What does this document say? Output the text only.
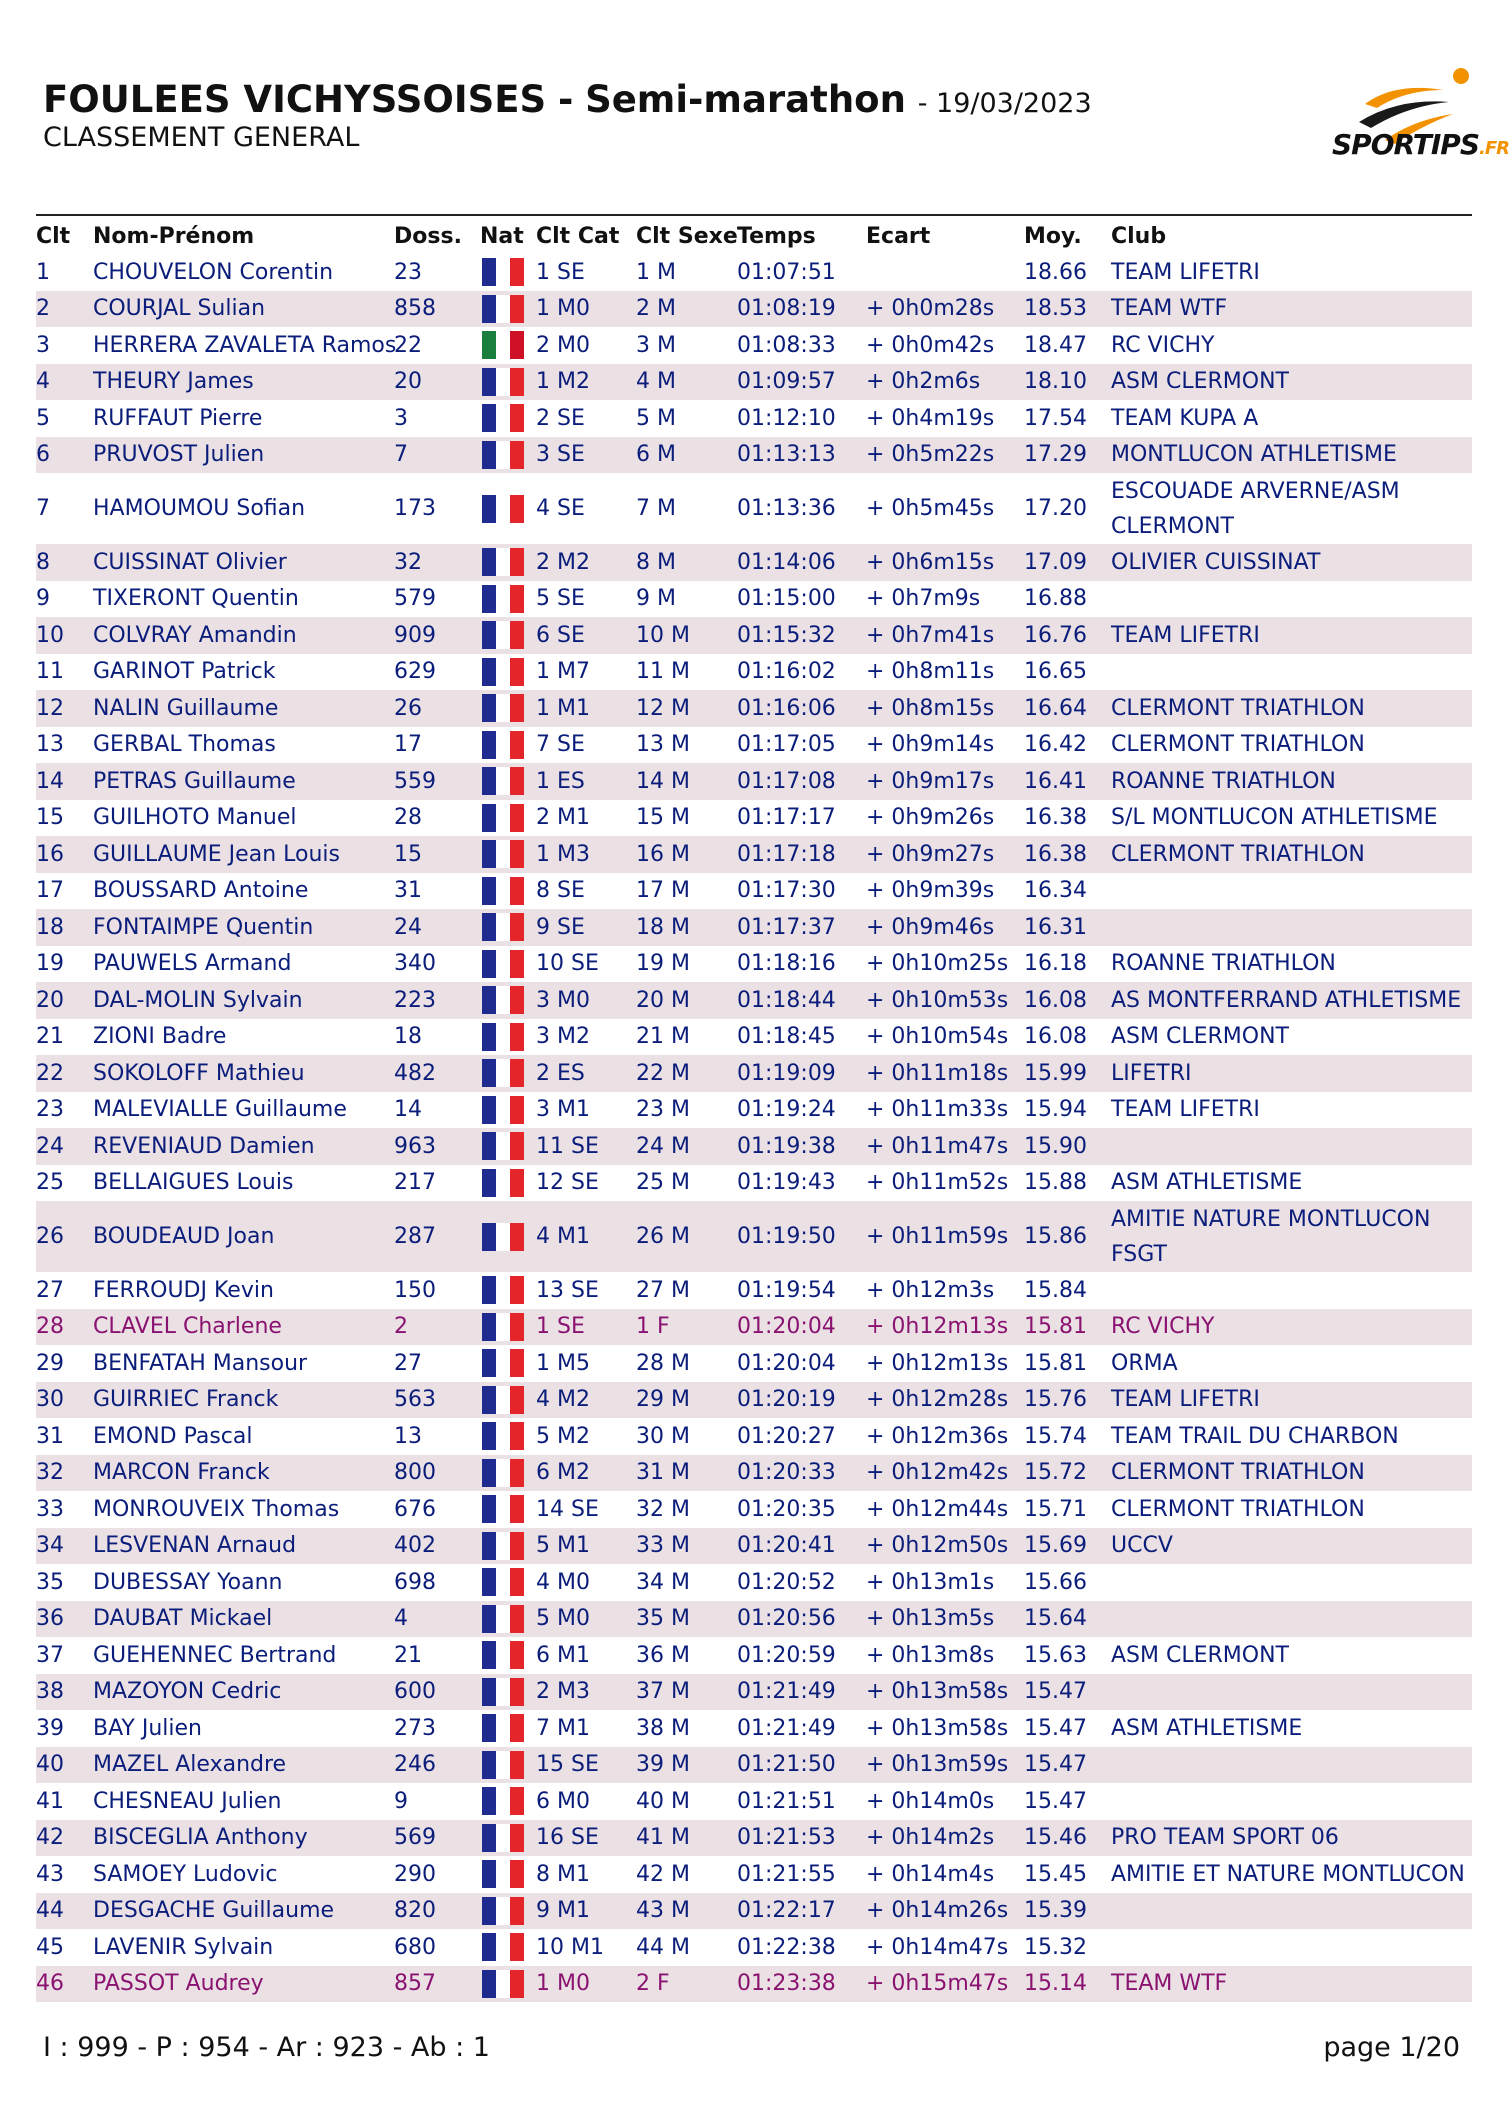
FOULEES VICHYSSOISES - Semi-marathon - 19/03/2023
CLASSEMENT GENERAL	SPORTIPS.FR
Clt	Nom-Prénom	Doss.	Nat	Clt Cat	Clt Sexe	Temps	Ecart	Moy.	Club
1	CHOUVELON Corentin	23		1 SE	1 M	01:07:51		18.66	TEAM LIFETRI
2	COURJAL Sulian	858		1 M0	2 M	01:08:19	+ 0h0m28s	18.53	TEAM WTF
3	HERRERA ZAVALETA Ramos	22		2 M0	3 M	01:08:33	+ 0h0m42s	18.47	RC VICHY
4	THEURY James	20		1 M2	4 M	01:09:57	+ 0h2m6s	18.10	ASM CLERMONT
5	RUFFAUT Pierre	3		2 SE	5 M	01:12:10	+ 0h4m19s	17.54	TEAM KUPA A
6	PRUVOST Julien	7		3 SE	6 M	01:13:13	+ 0h5m22s	17.29	MONTLUCON ATHLETISME
7	HAMOUMOU Sofian	173		4 SE	7 M	01:13:36	+ 0h5m45s	17.20	ESCOUADE ARVERNE/ASM CLERMONT
8	CUISSINAT Olivier	32		2 M2	8 M	01:14:06	+ 0h6m15s	17.09	OLIVIER CUISSINAT
9	TIXERONT Quentin	579		5 SE	9 M	01:15:00	+ 0h7m9s	16.88	
10	COLVRAY Amandin	909		6 SE	10 M	01:15:32	+ 0h7m41s	16.76	TEAM LIFETRI
11	GARINOT Patrick	629		1 M7	11 M	01:16:02	+ 0h8m11s	16.65	
12	NALIN Guillaume	26		1 M1	12 M	01:16:06	+ 0h8m15s	16.64	CLERMONT TRIATHLON
13	GERBAL Thomas	17		7 SE	13 M	01:17:05	+ 0h9m14s	16.42	CLERMONT TRIATHLON
14	PETRAS Guillaume	559		1 ES	14 M	01:17:08	+ 0h9m17s	16.41	ROANNE TRIATHLON
15	GUILHOTO Manuel	28		2 M1	15 M	01:17:17	+ 0h9m26s	16.38	S/L MONTLUCON ATHLETISME
16	GUILLAUME Jean Louis	15		1 M3	16 M	01:17:18	+ 0h9m27s	16.38	CLERMONT TRIATHLON
17	BOUSSARD Antoine	31		8 SE	17 M	01:17:30	+ 0h9m39s	16.34	
18	FONTAIMPE Quentin	24		9 SE	18 M	01:17:37	+ 0h9m46s	16.31	
19	PAUWELS Armand	340		10 SE	19 M	01:18:16	+ 0h10m25s	16.18	ROANNE TRIATHLON
20	DAL-MOLIN Sylvain	223		3 M0	20 M	01:18:44	+ 0h10m53s	16.08	AS MONTFERRAND ATHLETISME
21	ZIONI Badre	18		3 M2	21 M	01:18:45	+ 0h10m54s	16.08	ASM CLERMONT
22	SOKOLOFF Mathieu	482		2 ES	22 M	01:19:09	+ 0h11m18s	15.99	LIFETRI
23	MALEVIALLE Guillaume	14		3 M1	23 M	01:19:24	+ 0h11m33s	15.94	TEAM LIFETRI
24	REVENIAUD Damien	963		11 SE	24 M	01:19:38	+ 0h11m47s	15.90	
25	BELLAIGUES Louis	217		12 SE	25 M	01:19:43	+ 0h11m52s	15.88	ASM ATHLETISME
26	BOUDEAUD Joan	287		4 M1	26 M	01:19:50	+ 0h11m59s	15.86	AMITIE NATURE MONTLUCON FSGT
27	FERROUDJ Kevin	150		13 SE	27 M	01:19:54	+ 0h12m3s	15.84	
28	CLAVEL Charlene	2		1 SE	1 F	01:20:04	+ 0h12m13s	15.81	RC VICHY
29	BENFATAH Mansour	27		1 M5	28 M	01:20:04	+ 0h12m13s	15.81	ORMA
30	GUIRRIEC Franck	563		4 M2	29 M	01:20:19	+ 0h12m28s	15.76	TEAM LIFETRI
31	EMOND Pascal	13		5 M2	30 M	01:20:27	+ 0h12m36s	15.74	TEAM TRAIL DU CHARBON
32	MARCON Franck	800		6 M2	31 M	01:20:33	+ 0h12m42s	15.72	CLERMONT TRIATHLON
33	MONROUVEIX Thomas	676		14 SE	32 M	01:20:35	+ 0h12m44s	15.71	CLERMONT TRIATHLON
34	LESVENAN Arnaud	402		5 M1	33 M	01:20:41	+ 0h12m50s	15.69	UCCV
35	DUBESSAY Yoann	698		4 M0	34 M	01:20:52	+ 0h13m1s	15.66	
36	DAUBAT Mickael	4		5 M0	35 M	01:20:56	+ 0h13m5s	15.64	
37	GUEHENNEC Bertrand	21		6 M1	36 M	01:20:59	+ 0h13m8s	15.63	ASM CLERMONT
38	MAZOYON Cedric	600		2 M3	37 M	01:21:49	+ 0h13m58s	15.47	
39	BAY Julien	273		7 M1	38 M	01:21:49	+ 0h13m58s	15.47	ASM ATHLETISME
40	MAZEL Alexandre	246		15 SE	39 M	01:21:50	+ 0h13m59s	15.47	
41	CHESNEAU Julien	9		6 M0	40 M	01:21:51	+ 0h14m0s	15.47	
42	BISCEGLIA Anthony	569		16 SE	41 M	01:21:53	+ 0h14m2s	15.46	PRO TEAM SPORT 06
43	SAMOEY Ludovic	290		8 M1	42 M	01:21:55	+ 0h14m4s	15.45	AMITIE ET NATURE MONTLUCON
44	DESGACHE Guillaume	820		9 M1	43 M	01:22:17	+ 0h14m26s	15.39	
45	LAVENIR Sylvain	680		10 M1	44 M	01:22:38	+ 0h14m47s	15.32	
46	PASSOT Audrey	857		1 M0	2 F	01:23:38	+ 0h15m47s	15.14	TEAM WTF
I : 999 - P : 954 - Ar : 923 - Ab : 1	page 1/20
